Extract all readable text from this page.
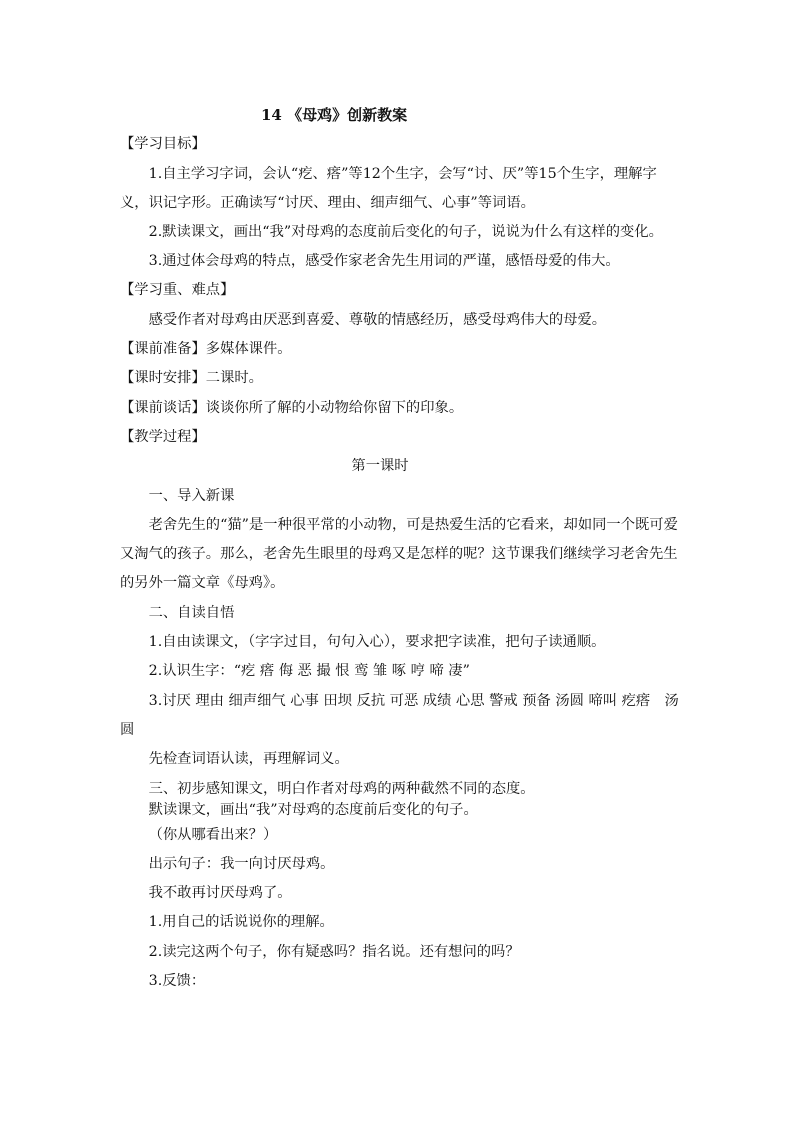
14 《母鸡》创新教案
【学习目标】
1.自主学习字词，会认“疙、瘩”等12个生字，会写“讨、厌”等15个生字，理解字义，识记字形。正确读写“讨厌、理由、细声细气、心事”等词语。
2.默读课文，画出“我”对母鸡的态度前后变化的句子，说说为什么有这样的变化。
3.通过体会母鸡的特点，感受作家老舍先生用词的严谨，感悟母爱的伟大。
【学习重、难点】
感受作者对母鸡由厌恶到喜爱、尊敬的情感经历，感受母鸡伟大的母爱。
【课前准备】多媒体课件。
【课时安排】二课时。
【课前谈话】谈谈你所了解的小动物给你留下的印象。
【教学过程】
第一课时
一、导入新课
老舍先生的“猫”是一种很平常的小动物，可是热爱生活的它看来，却如同一个既可爱又淘气的孩子。那么，老舍先生眼里的母鸡又是怎样的呢？这节课我们继续学习老舍先生的另外一篇文章《母鸡》。
二、自读自悟
1.自由读课文，（字字过目，句句入心），要求把字读准，把句子读通顺。
2.认识生字：“疙 瘩 侮 恶 撮 恨 鸾 雏 啄 哼 啼 凄”
3.讨厌 理由 细声细气 心事 田坝 反抗 可恶 成绩 心思 警戒 预备 汤圆 啼叫 疙瘩　汤圆
先检查词语认读，再理解词义。
三、初步感知课文，明白作者对母鸡的两种截然不同的态度。
默读课文，画出“我”对母鸡的态度前后变化的句子。
（你从哪看出来？）
出示句子：我一向讨厌母鸡。
我不敢再讨厌母鸡了。
1.用自己的话说说你的理解。
2.读完这两个句子，你有疑惑吗？指名说。还有想问的吗？
3.反馈：
